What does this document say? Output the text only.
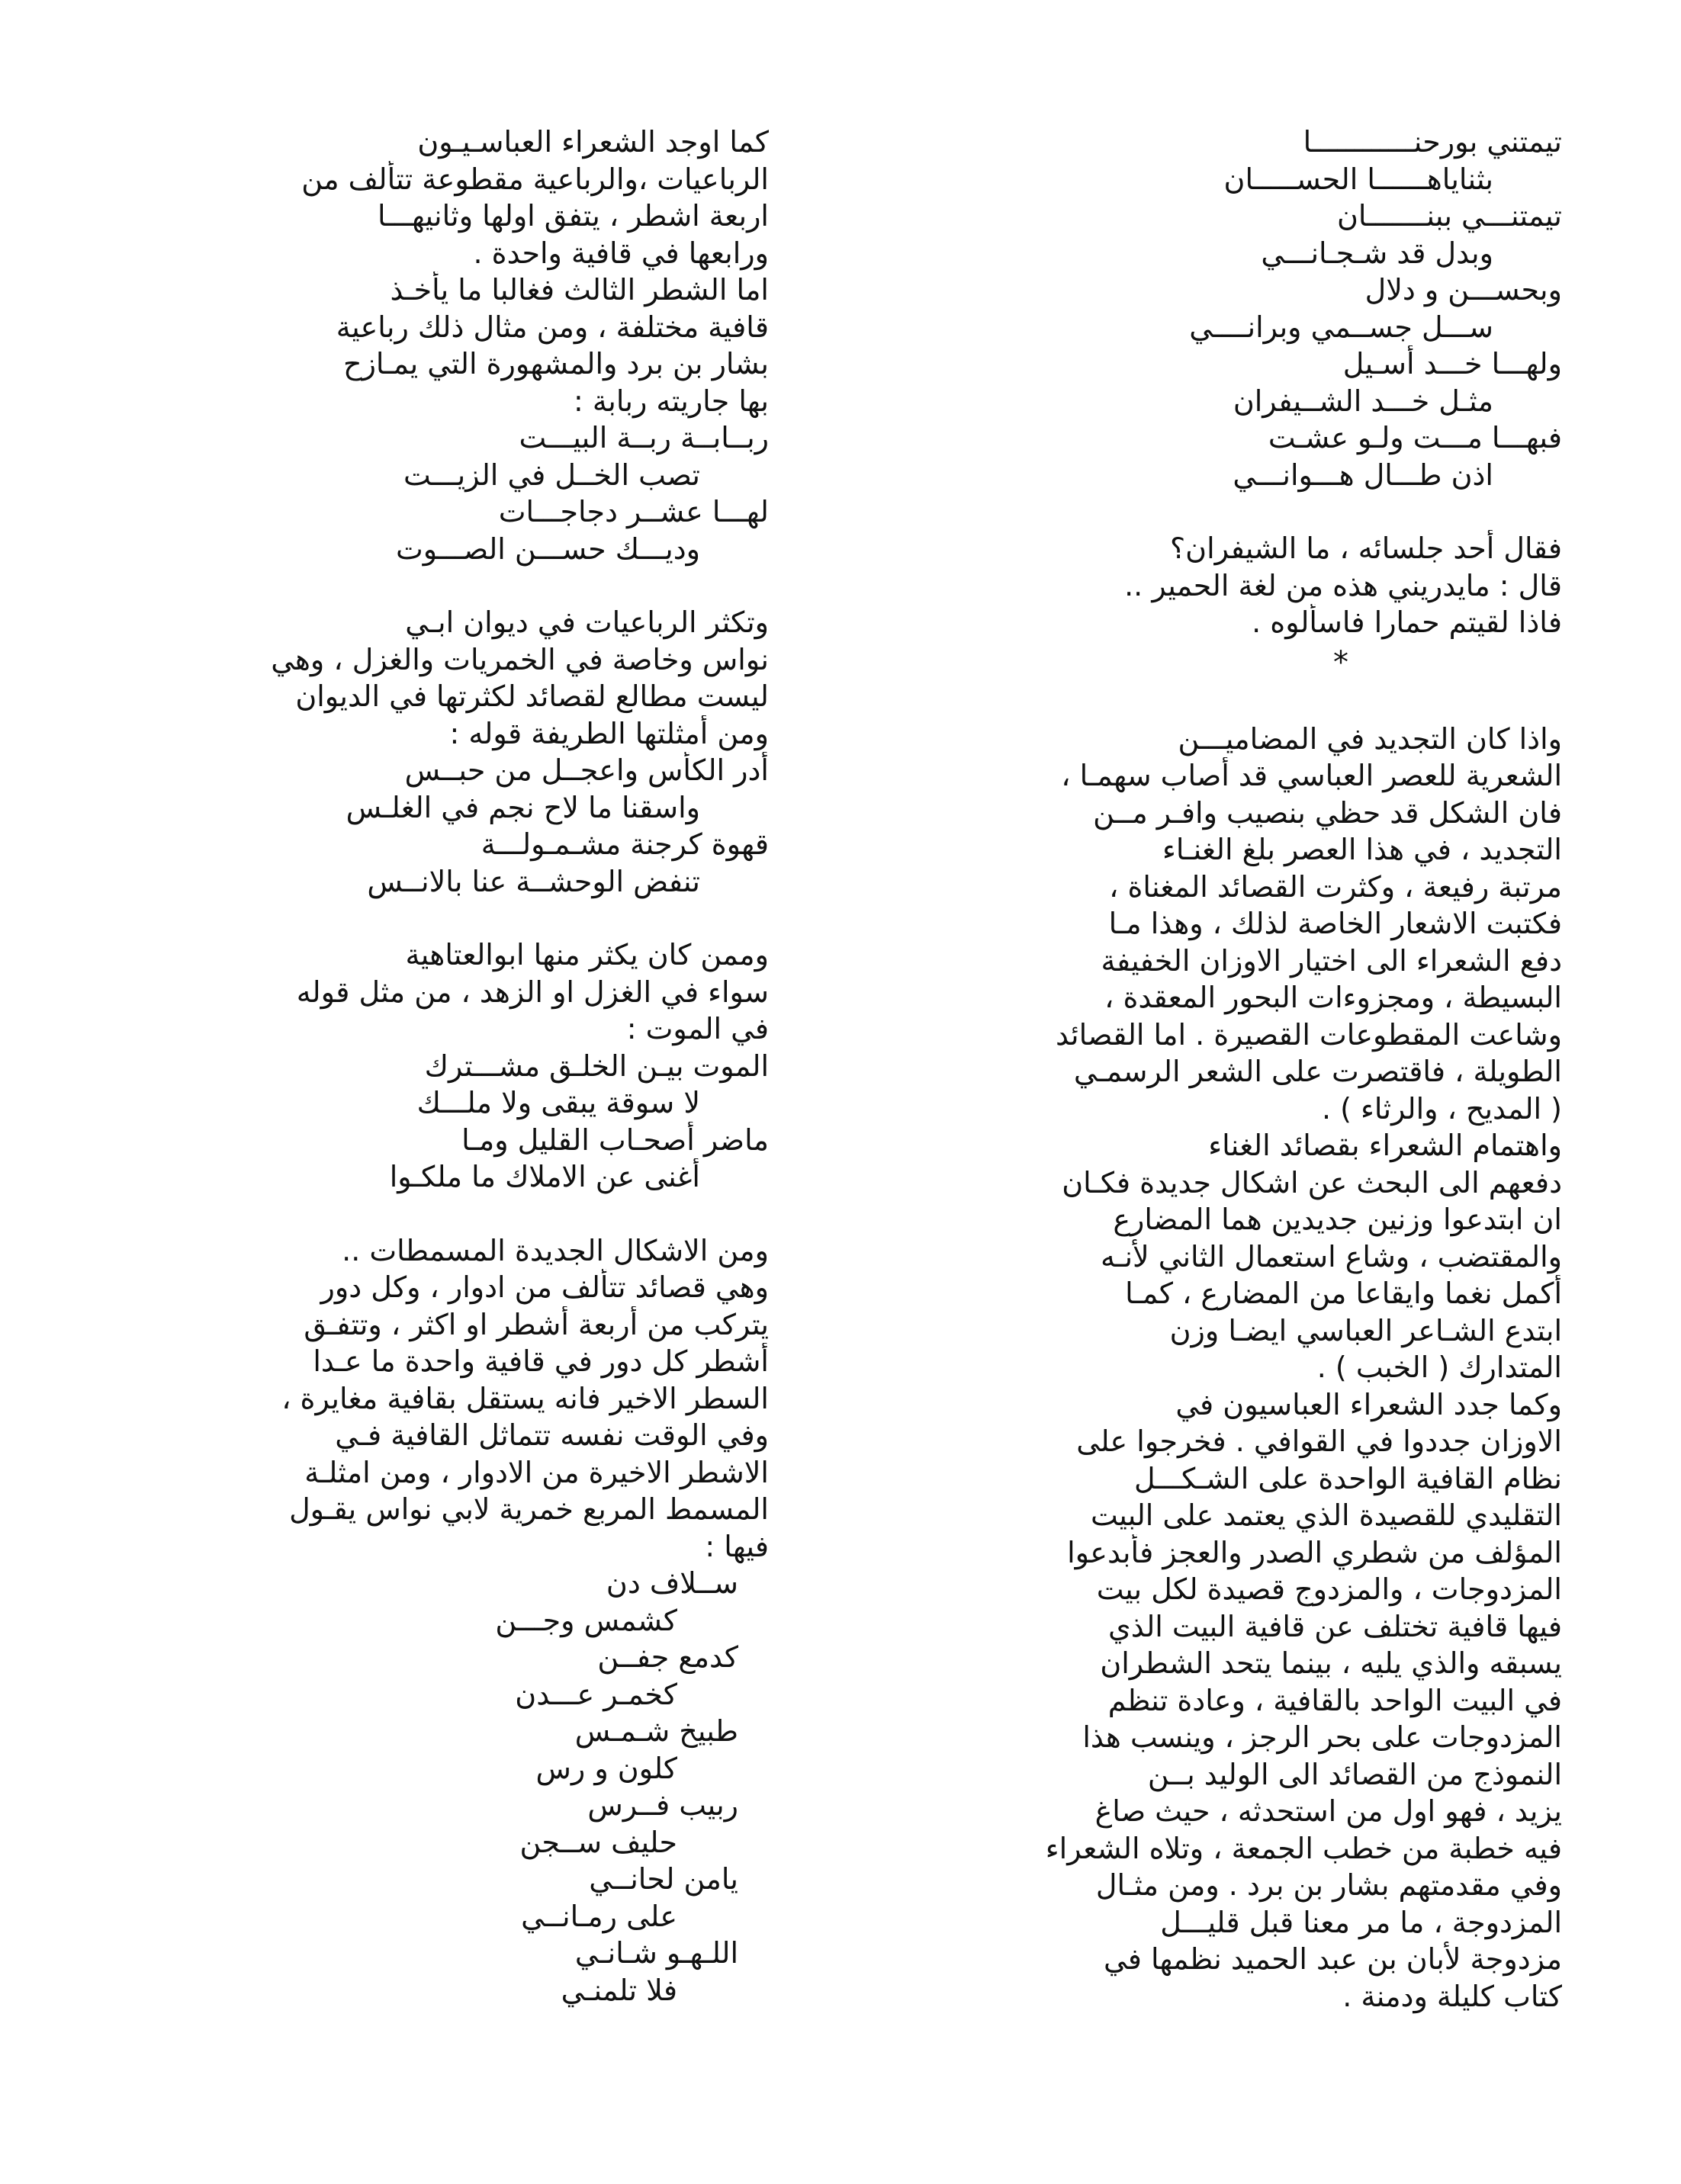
تيمتني بورحنــــــــــــا
بثناياهــــــا الحســـــان
تيمتنـــي ببنـــــــان
وبدل قد شـجـانـــي
وبحســـن و دلال
ســـل جســمي وبرانــــي
ولهـــا خـــد أسـيل
مثـل خـــد الشــيفران
فبهـــا مـــت ولـو عشـت
اذن طـــال هـــوانـــي
فقال أحد جلسائه ، ما الشيفران؟
قال : مايدريني هذه من لغة الحمير ..
فاذا لقيتم حمارا فاسألوه .
*
واذا كان التجديد في المضاميـــن
الشعرية للعصر العباسي قد أصاب سهمـا ،
فان الشكل قد حظي بنصيب وافـر مــن
التجديد ، في هذا العصر بلغ الغنـاء
مرتبة رفيعة ، وكثرت القصائد المغناة ،
فكتبت الاشعار الخاصة لذلك ، وهذا مـا
دفع الشعراء الى اختيار الاوزان الخفيفة
البسيطة ، ومجزوءات البحور المعقدة ،
وشاعت المقطوعات القصيرة . اما القصائد
الطويلة ، فاقتصرت على الشعر الرسمـي
( المديح ، والرثاء ) .
واهتمام الشعراء بقصائد الغناء
دفعهم الى البحث عن اشكال جديدة فكـان
ان ابتدعوا وزنين جديدين هما المضارع
والمقتضب ، وشاع استعمال الثاني لأنـه
أكمل نغما وايقاعا من المضارع ، كمـا
ابتدع الشـاعر العباسي ايضـا وزن
المتدارك ( الخبب ) .
وكما جدد الشعراء العباسيون في
الاوزان جددوا في القوافي . فخرجوا على
نظام القافية الواحدة على الشـكـــل
التقليدي للقصيدة الذي يعتمد على البيت
المؤلف من شطري الصدر والعجز فأبدعوا
المزدوجات ، والمزدوج قصيدة لكل بيت
فيها قافية تختلف عن قافية البيت الذي
يسبقه والذي يليه ، بينما يتحد الشطران
في البيت الواحد بالقافية ، وعادة تنظم
المزدوجات على بحر الرجز ، وينسب هذا
النموذج من القصائد الى الوليد بــن
يزيد ، فهو اول من استحدثه ، حيث صاغ
فيه خطبة من خطب الجمعة ، وتلاه الشعراء
وفي مقدمتهم بشار بن برد . ومن مثـال
المزدوجة ، ما مر معنا قبل قليـــل
مزدوجة لأبان بن عبد الحميد نظمها في
كتاب كليلة ودمنة .
كما اوجد الشعراء العباسـيـون
الرباعيات ،والرباعية مقطوعة تتألف من
اربعة اشطر ، يتفق اولها وثانيهـــا
ورابعها في قافية واحدة .
اما الشطر الثالث فغالبا ما يأخـذ
قافية مختلفة ، ومن مثال ذلك رباعية
بشار بن برد والمشهورة التي يمـازح
بها جاريته ربابة :
ربــابــة ربــة البيـــت
تصب الخــل في الزيـــت
لهـــا عشــر دجاجـــات
وديـــك حســـن الصـــوت
وتكثر الرباعيات في ديوان ابـي
نواس وخاصة في الخمريات والغزل ، وهي
ليست مطالع لقصائد لكثرتها في الديوان
ومن أمثلتها الطريفة قوله :
أدر الكأس واعجــل من حبــس
واسقنا ما لاح نجم في الغلـس
قهوة كرجنة مشـمـولـــة
تنفض الوحشــة عنا بالانــس
وممن كان يكثر منها ابوالعتاهية
سواء في الغزل او الزهد ، من مثل قوله
في الموت :
الموت بيـن الخلـق مشـــترك
لا سوقة يبقى ولا ملـــك
ماضر أصحـاب القليل ومـا
أغنى عن الاملاك ما ملكـوا
ومن الاشكال الجديدة المسمطات ..
وهي قصائد تتألف من ادوار ، وكل دور
يتركب من أربعة أشطر او اكثر ، وتتفـق
أشطر كل دور في قافية واحدة ما عـدا
السطر الاخير فانه يستقل بقافية مغايرة ،
وفي الوقت نفسه تتماثل القافية فـي
الاشطر الاخيرة من الادوار ، ومن امثلـة
المسمط المربع خمرية لابي نواس يقـول
فيها :
ســلاف دن
كشمس وجـــن
كدمع جفــن
كخمـر عـــدن
طبيخ شـمـس
كلون و رس
ربيب فــرس
حليف ســجن
يامن لحانــي
على رمـانــي
اللـهـو شـانـي
فلا تلمنـي
